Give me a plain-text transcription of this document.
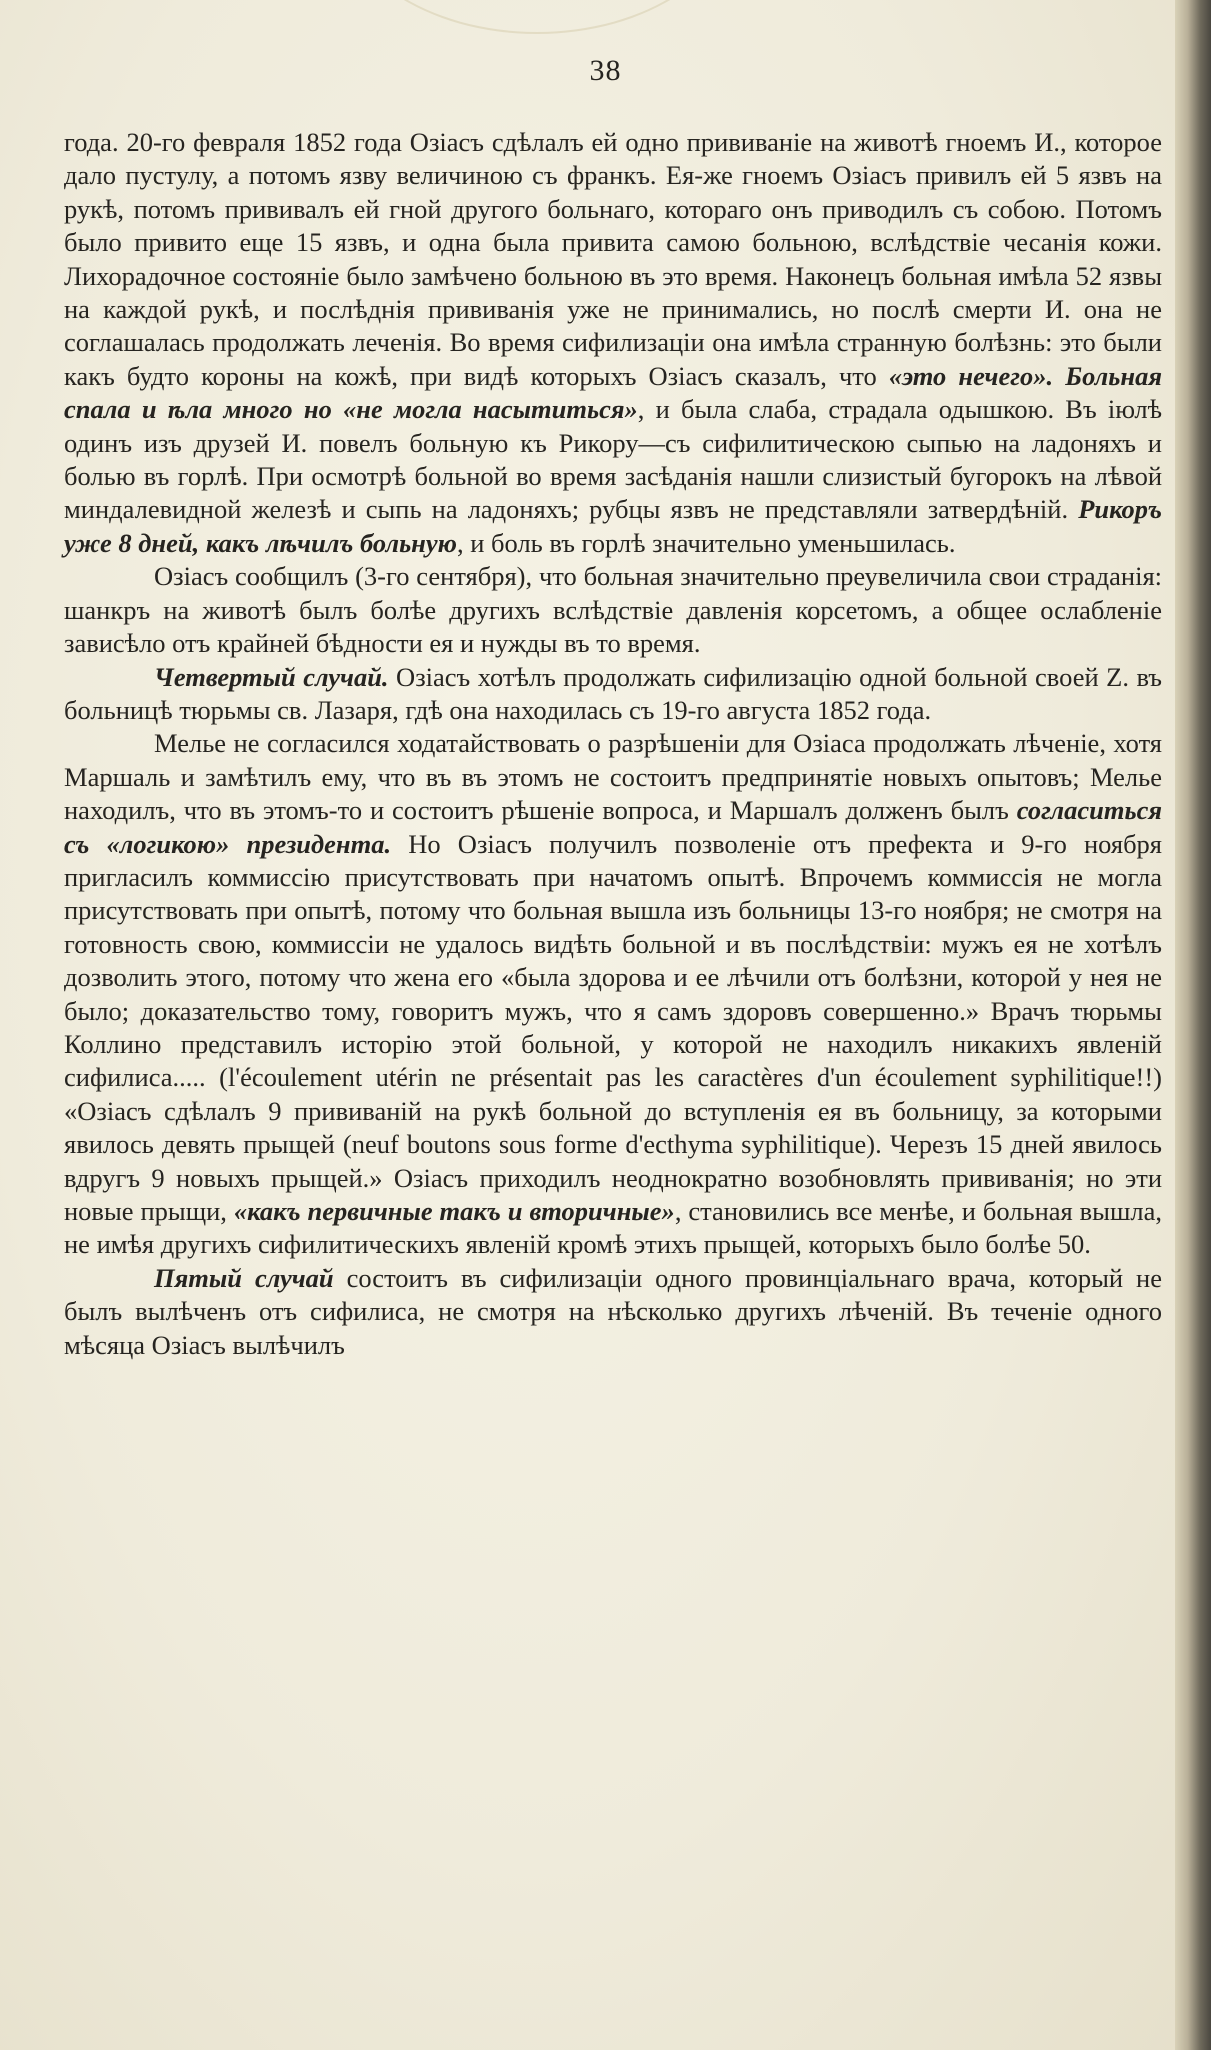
38

года. 20-го февраля 1852 года Озіасъ сдѣлалъ ей одно прививаніе на животѣ гноемъ И., которое дало пустулу, а потомъ язву величиною съ франкъ. Ея-же гноемъ Озіасъ привилъ ей 5 язвъ на рукѣ, потомъ прививалъ ей гной другого больнаго, котораго онъ приводилъ съ собою. Потомъ было привито еще 15 язвъ, и одна была привита самою больною, вслѣдствіе чесанія кожи. Лихорадочное состояніе было замѣчено больною въ это время. Наконецъ больная имѣла 52 язвы на каждой рукѣ, и послѣднія прививанія уже не принимались, но послѣ смерти И. она не соглашалась продолжать леченія. Во время сифилизаціи она имѣла странную болѣзнь: это были какъ будто короны на кожѣ, при видѣ которыхъ Озіасъ сказалъ, что «это нечего». Больная спала и ѣла много но «не могла насытиться», и была слаба, страдала одышкою. Въ іюлѣ одинъ изъ друзей И. повелъ больную къ Рикору—съ сифилитическою сыпью на ладоняхъ и болью въ горлѣ. При осмотрѣ больной во время засѣданія нашли слизистый бугорокъ на лѣвой миндалевидной железѣ и сыпь на ладоняхъ; рубцы язвъ не представляли затвердѣній. Рикоръ уже 8 дней, какъ лѣчилъ больную, и боль въ горлѣ значительно уменьшилась.

Озіасъ сообщилъ (3-го сентября), что больная значительно преувеличила свои страданія: шанкръ на животѣ былъ болѣе другихъ вслѣдствіе давленія корсетомъ, а общее ослабленіе зависѣло отъ крайней бѣдности ея и нужды въ то время.

Четвертый случай. Озіасъ хотѣлъ продолжать сифилизацію одной больной своей Z. въ больницѣ тюрьмы св. Лазаря, гдѣ она находилась съ 19-го августа 1852 года.

Мелье не согласился ходатайствовать о разрѣшеніи для Озіаса продолжать лѣченіе, хотя Маршаль и замѣтилъ ему, что въ въ этомъ не состоитъ предпринятіе новыхъ опытовъ; Мелье находилъ, что въ этомъ-то и состоитъ рѣшеніе вопроса, и Маршалъ долженъ былъ согласиться съ «логикою» президента. Но Озіасъ получилъ позволеніе отъ префекта и 9-го ноября пригласилъ коммиссію присутствовать при начатомъ опытѣ. Впрочемъ коммиссія не могла присутствовать при опытѣ, потому что больная вышла изъ больницы 13-го ноября; не смотря на готовность свою, коммиссіи не удалось видѣть больной и въ послѣдствіи: мужъ ея не хотѣлъ дозволить этого, потому что жена его «была здорова и ее лѣчили отъ болѣзни, которой у нея не было; доказательство тому, говоритъ мужъ, что я самъ здоровъ совершенно.» Врачъ тюрьмы Коллино представилъ исторію этой больной, у которой не находилъ никакихъ явленій сифилиса..... (l'écoulement utérin ne présentait pas les caractères d'un écoulement syphilitique!!) «Озіасъ сдѣлалъ 9 прививаній на рукѣ больной до вступленія ея въ больницу, за которыми явилось девять прыщей (neuf boutons sous forme d'ecthyma syphilitique). Черезъ 15 дней явилось вдругъ 9 новыхъ прыщей.» Озіасъ приходилъ неоднократно возобновлять прививанія; но эти новые прыщи, «какъ первичные такъ и вторичные», становились все менѣе, и больная вышла, не имѣя другихъ сифилитическихъ явленій кромѣ этихъ прыщей, которыхъ было болѣе 50.

Пятый случай состоитъ въ сифилизаціи одного провинціальнаго врача, который не былъ вылѣченъ отъ сифилиса, не смотря на нѣсколько другихъ лѣченій. Въ теченіе одного мѣсяца Озіасъ вылѣчилъ
